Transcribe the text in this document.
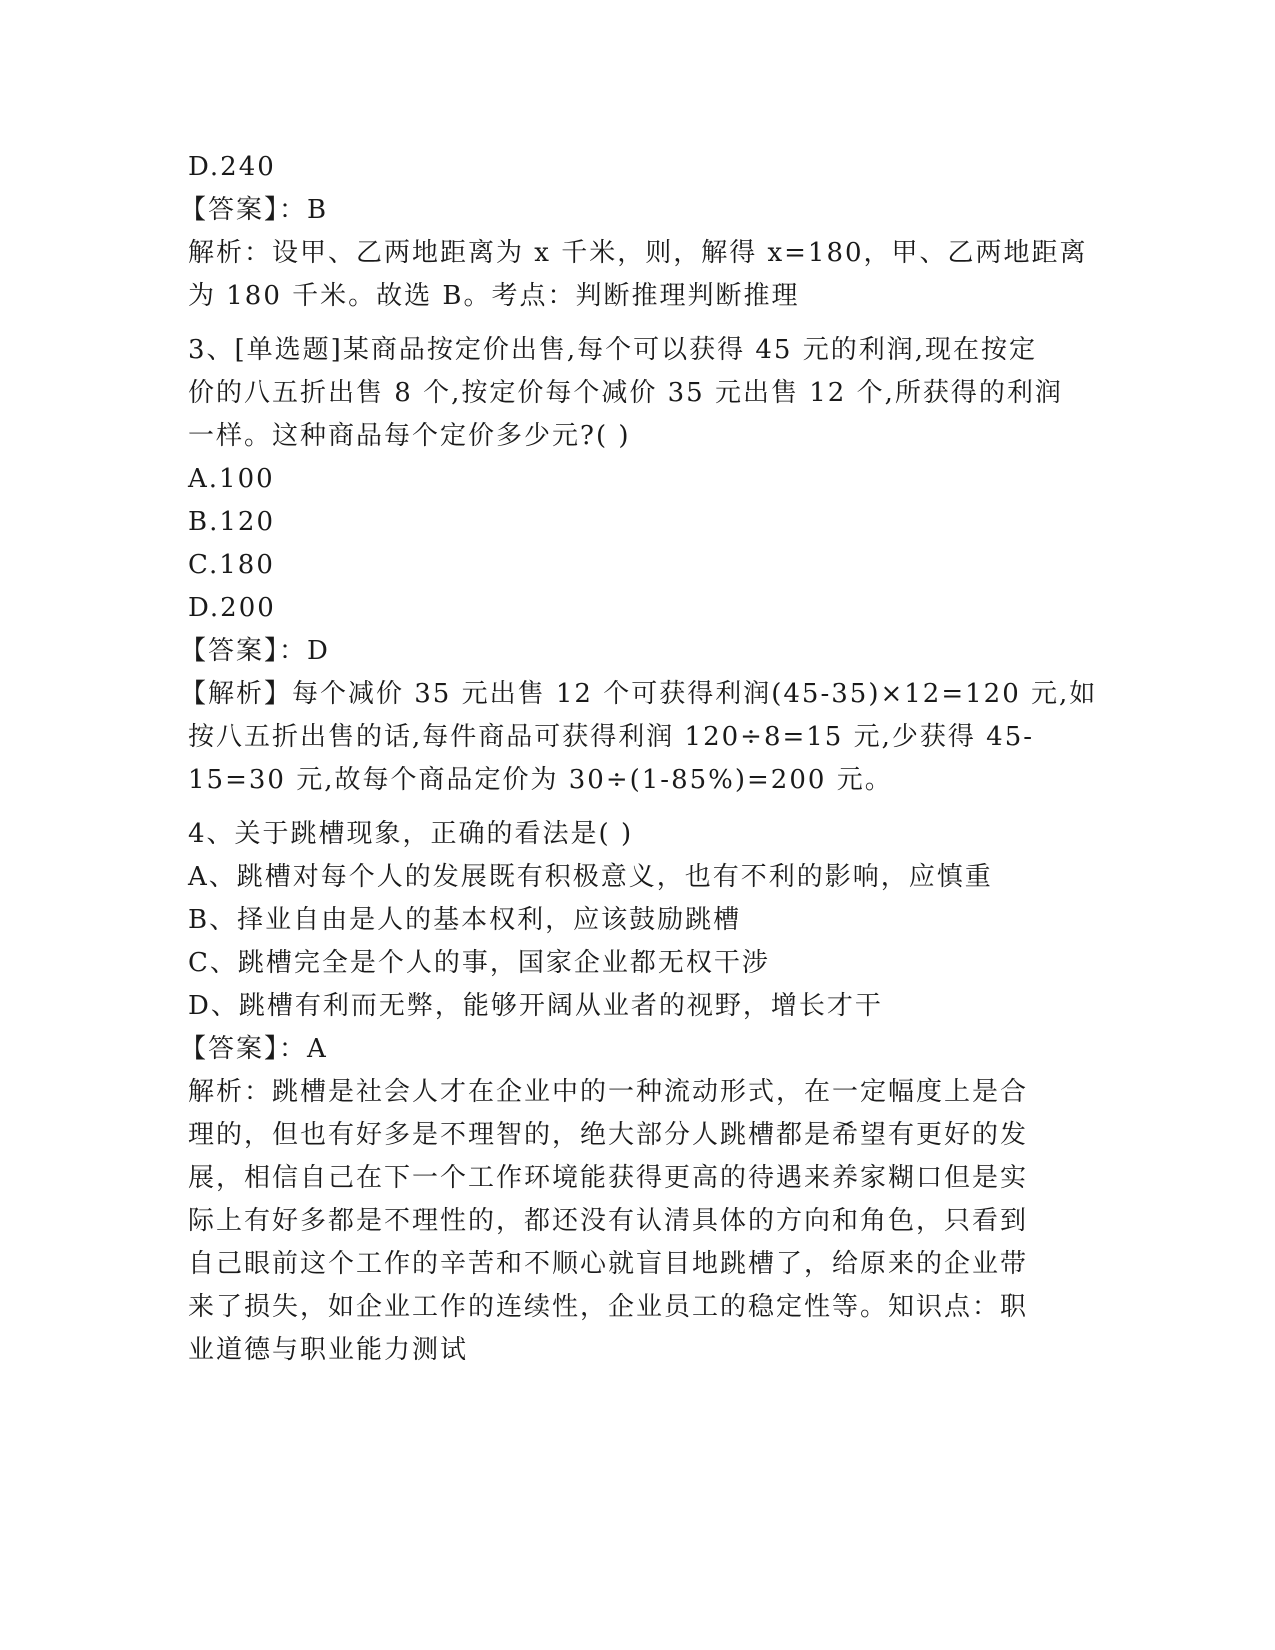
D.240
【答案】：B
解析：设甲、乙两地距离为 x 千米，则，解得 x=180，甲、乙两地距离
为 180 千米。故选 B。考点：判断推理判断推理
3、[单选题]某商品按定价出售,每个可以获得 45 元的利润,现在按定
价的八五折出售 8 个,按定价每个减价 35 元出售 12 个,所获得的利润
一样。这种商品每个定价多少元?( )
A.100
B.120
C.180
D.200
【答案】：D
【解析】每个减价 35 元出售 12 个可获得利润(45-35)×12=120 元,如
按八五折出售的话,每件商品可获得利润 120÷8=15 元,少获得 45-
15=30 元,故每个商品定价为 30÷(1-85%)=200 元。
4、关于跳槽现象，正确的看法是( )
A、跳槽对每个人的发展既有积极意义，也有不利的影响，应慎重
B、择业自由是人的基本权利，应该鼓励跳槽
C、跳槽完全是个人的事，国家企业都无权干涉
D、跳槽有利而无弊，能够开阔从业者的视野，增长才干
【答案】：A
解析：跳槽是社会人才在企业中的一种流动形式，在一定幅度上是合
理的，但也有好多是不理智的，绝大部分人跳槽都是希望有更好的发
展，相信自己在下一个工作环境能获得更高的待遇来养家糊口但是实
际上有好多都是不理性的，都还没有认清具体的方向和角色，只看到
自己眼前这个工作的辛苦和不顺心就盲目地跳槽了，给原来的企业带
来了损失，如企业工作的连续性，企业员工的稳定性等。知识点：职
业道德与职业能力测试
